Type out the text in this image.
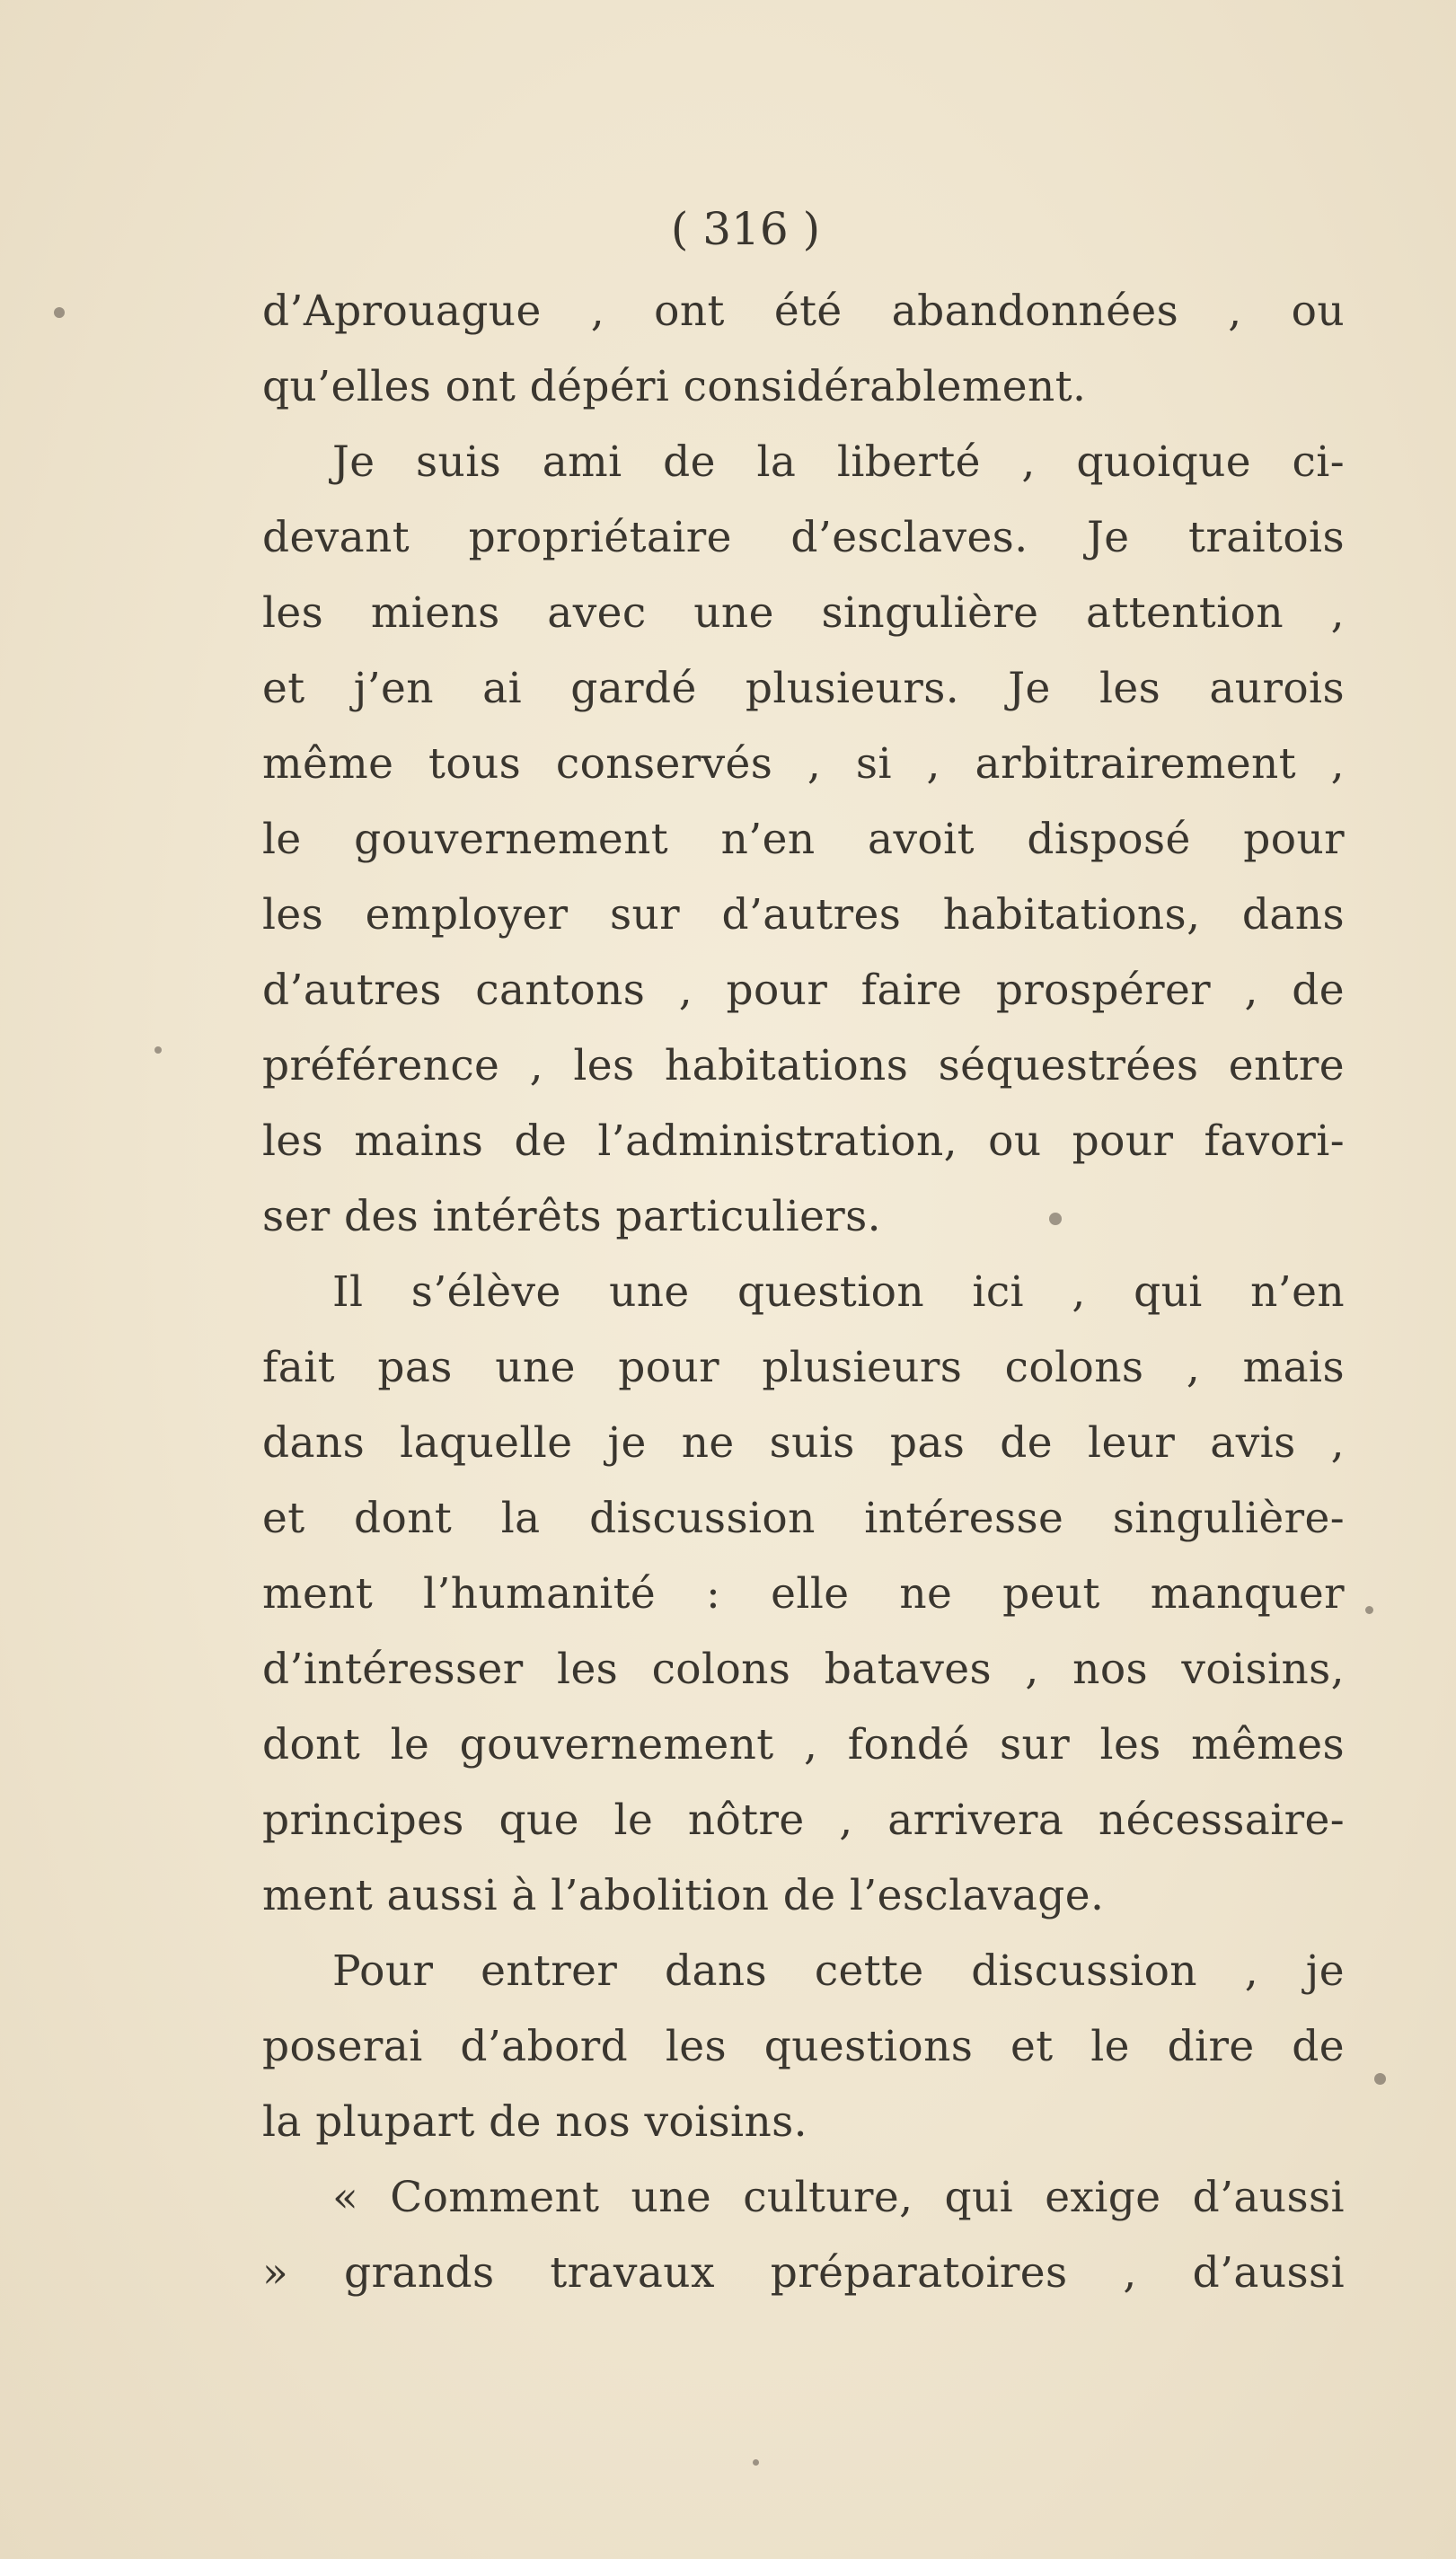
( 316 )
d’Aprouague , ont été abandonnées , ou
qu’elles ont dépéri considérablement.
Je suis ami de la liberté , quoique ci-
devant propriétaire d’esclaves. Je traitois
les miens avec une singulière attention ,
et j’en ai gardé plusieurs. Je les aurois
même tous conservés , si , arbitrairement ,
le gouvernement n’en avoit disposé pour
les employer sur d’autres habitations, dans
d’autres cantons , pour faire prospérer , de
préférence , les habitations séquestrées entre
les mains de l’administration, ou pour favori-
ser des intérêts particuliers.
Il s’élève une question ici , qui n’en
fait pas une pour plusieurs colons , mais
dans laquelle je ne suis pas de leur avis ,
et dont la discussion intéresse singulière-
ment l’humanité : elle ne peut manquer
d’intéresser les colons bataves , nos voisins,
dont le gouvernement , fondé sur les mêmes
principes que le nôtre , arrivera nécessaire-
ment aussi à l’abolition de l’esclavage.
Pour entrer dans cette discussion , je
poserai d’abord les questions et le dire de
la plupart de nos voisins.
« Comment une culture, qui exige d’aussi
» grands travaux préparatoires , d’aussi
